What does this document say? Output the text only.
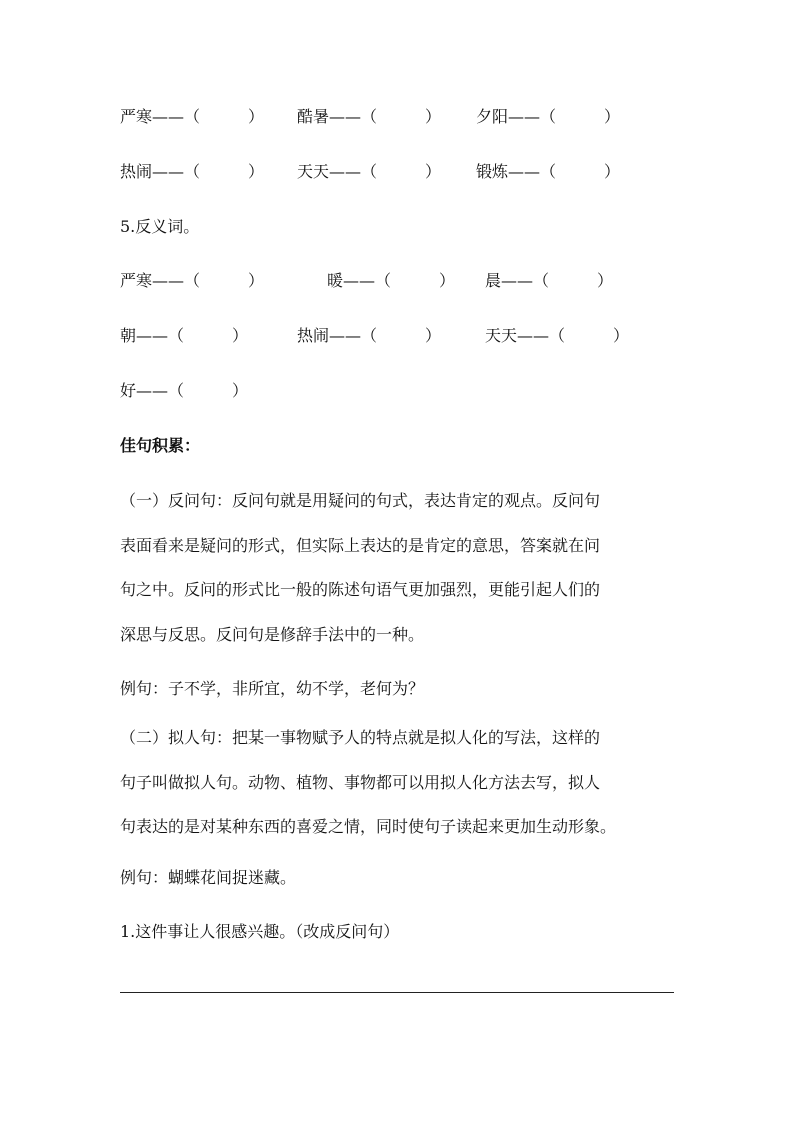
严寒——（　　　） 酷暑——（　　　） 夕阳——（　　　）
热闹——（　　　） 天天——（　　　） 锻炼——（　　　）
5.反义词。
严寒——（　　　）	暖——（　　　） 晨——（　　　）
朝——（　　　）	热闹——（　　　）	天天——（　　　）
好——（　　　）
佳句积累：
（一）反问句：反问句就是用疑问的句式，表达肯定的观点。反问句
表面看来是疑问的形式，但实际上表达的是肯定的意思，答案就在问
句之中。反问的形式比一般的陈述句语气更加强烈，更能引起人们的
深思与反思。反问句是修辞手法中的一种。
例句：子不学，非所宜，幼不学，老何为？
（二）拟人句：把某一事物赋予人的特点就是拟人化的写法，这样的
句子叫做拟人句。动物、植物、事物都可以用拟人化方法去写，拟人
句表达的是对某种东西的喜爱之情，同时使句子读起来更加生动形象。
例句：蝴蝶花间捉迷藏。
1.这件事让人很感兴趣。（改成反问句）
